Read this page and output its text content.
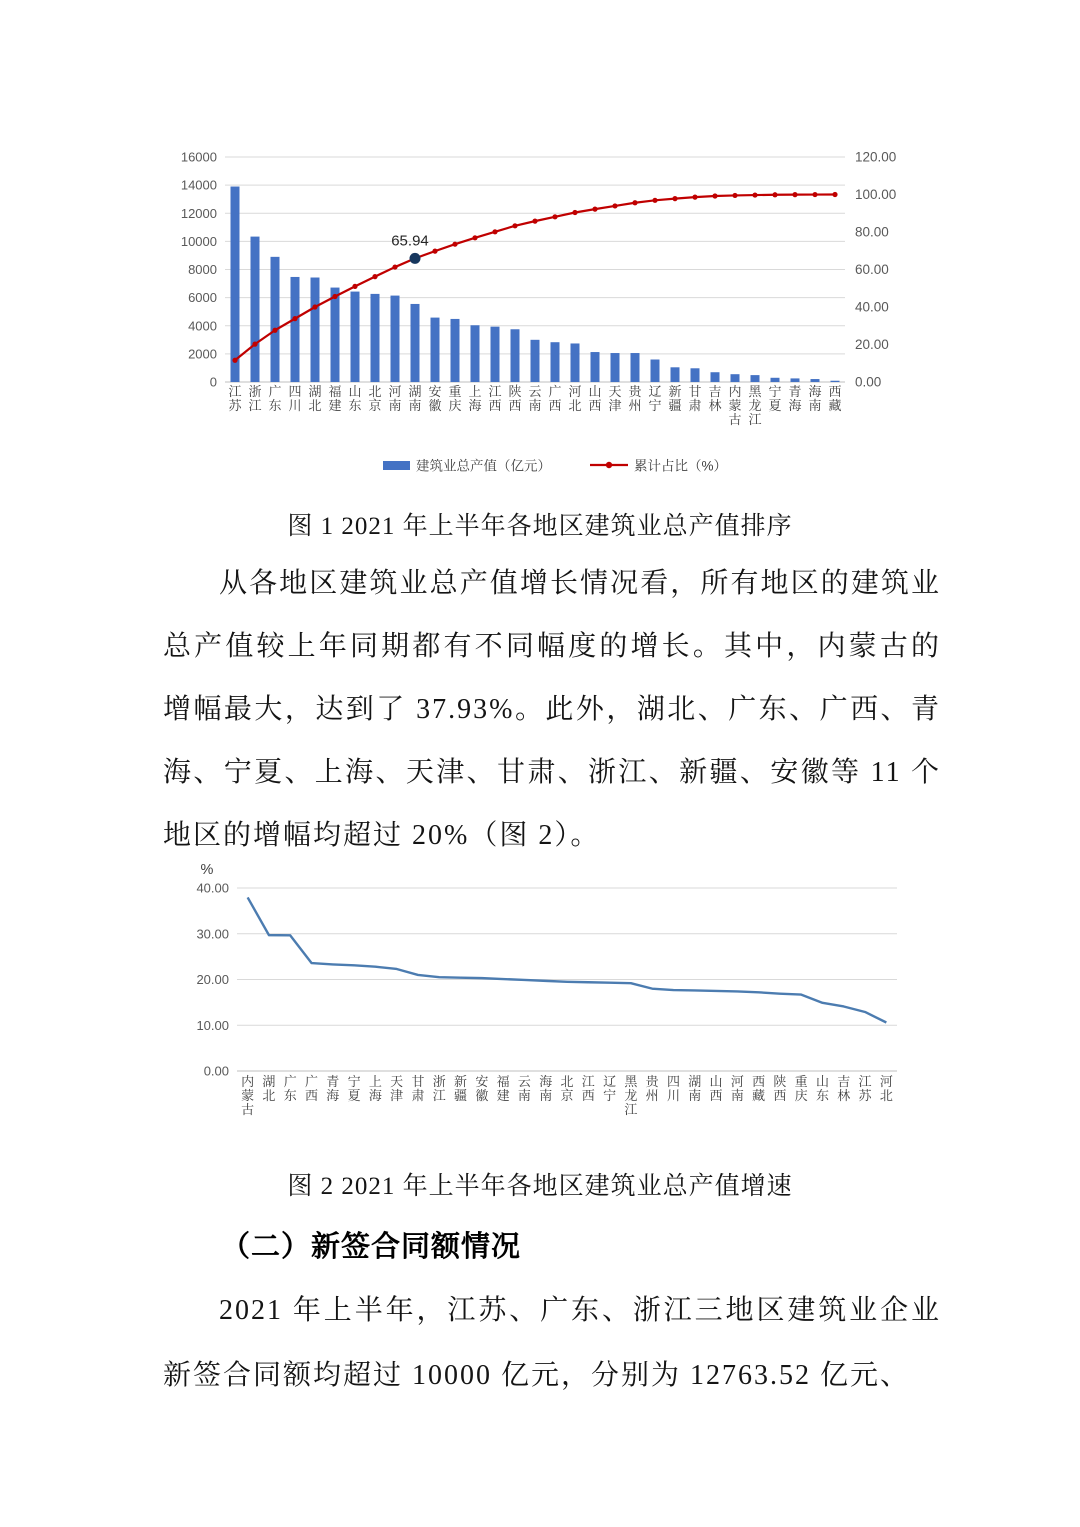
0
2000
4000
6000
8000
10000
12000
14000
16000
0.00
20.00
40.00
60.00
80.00
100.00
120.00
65.94
江苏
浙江
广东
四川
湖北
福建
山东
北京
河南
湖南
安徽
重庆
上海
江西
陕西
云南
广西
河北
山西
天津
贵州
辽宁
新疆
甘肃
吉林
内蒙古
黑龙江
宁夏
青海
海南
西藏
建筑业总产值（亿元）	累计占比（%）

图 1 2021 年上半年各地区建筑业总产值排序

从各地区建筑业总产值增长情况看，所有地区的建筑业总产值较上年同期都有不同幅度的增长。其中，内蒙古的增幅最大，达到了 37.93%。此外，湖北、广东、广西、青海、宁夏、上海、天津、甘肃、浙江、新疆、安徽等 11 个地区的增幅均超过 20%（图 2）。

%
0.00
10.00
20.00
30.00
40.00
内蒙古
湖北
广东
广西
青海
宁夏
上海
天津
甘肃
浙江
新疆
安徽
福建
云南
海南
北京
江西
辽宁
黑龙江
贵州
四川
湖南
山西
河南
西藏
陕西
重庆
山东
吉林
江苏
河北

图 2 2021 年上半年各地区建筑业总产值增速

（二）新签合同额情况

2021 年上半年，江苏、广东、浙江三地区建筑业企业新签合同额均超过 10000 亿元，分别为 12763.52 亿元、
